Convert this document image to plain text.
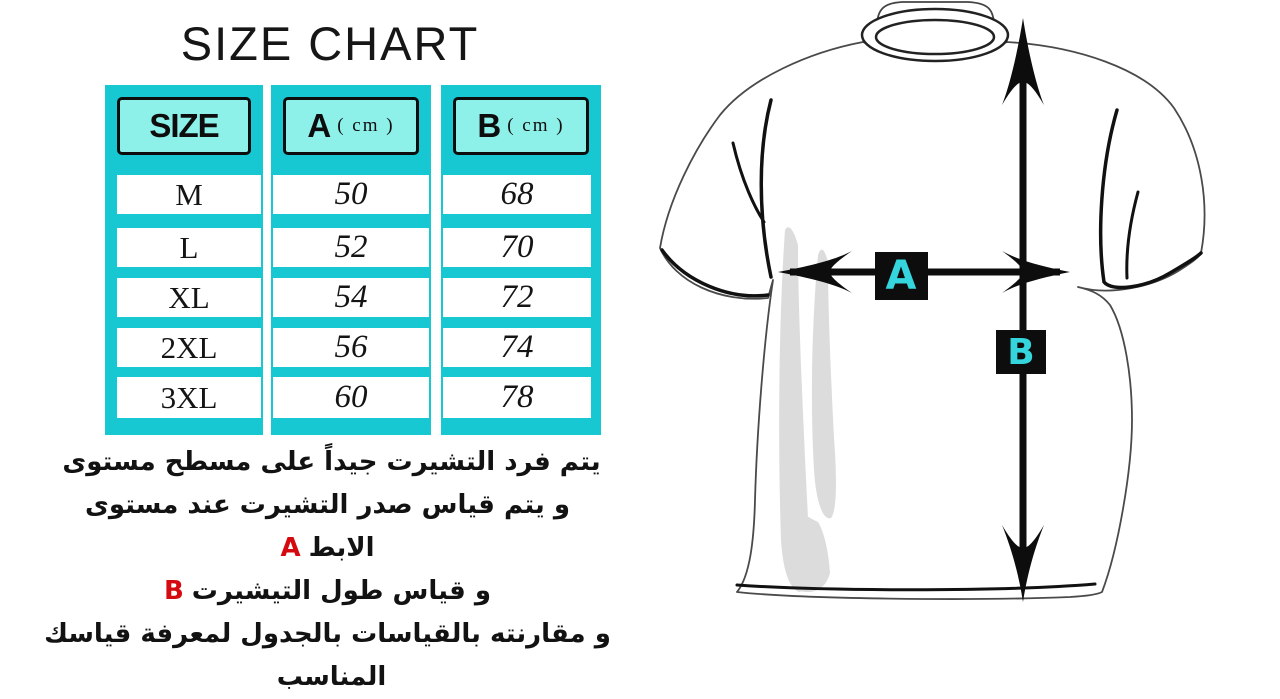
SIZE CHART
SIZE
M
L
XL
2XL
3XL
A ( cm )
50
52
54
56
60
B ( cm )
68
70
72
74
78
يتم فرد التشيرت جيداً على مسطح مستوى
و يتم قياس صدر التشيرت عند مستوى الابطA
و قياس طول التيشيرتB
و مقارنته بالقياسات بالجدول لمعرفة قياسك المناسب
A
B
